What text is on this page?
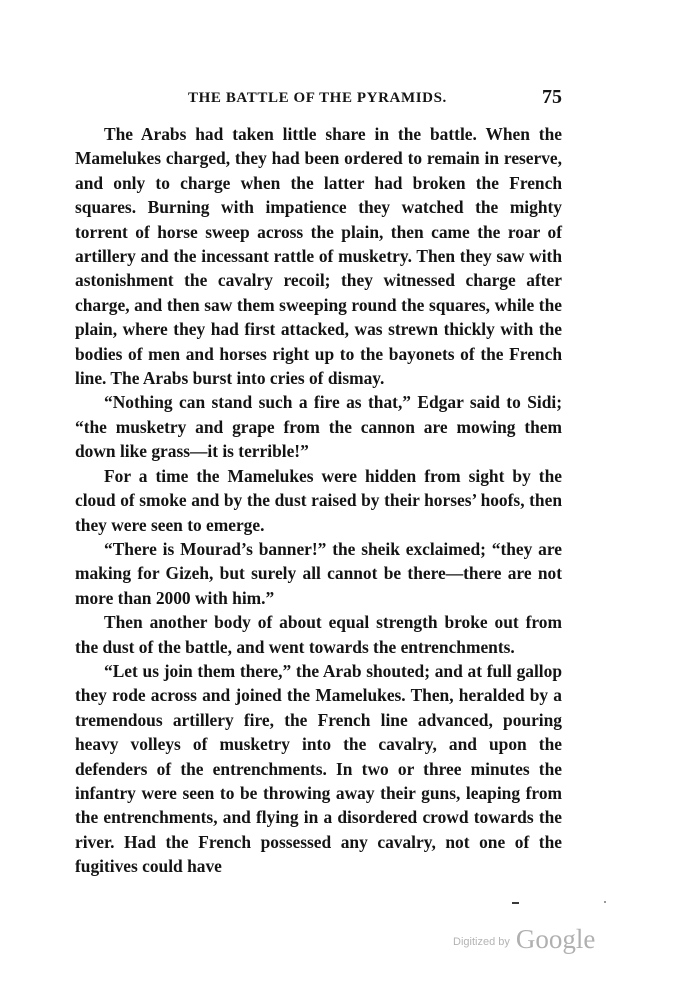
THE BATTLE OF THE PYRAMIDS.	75

The Arabs had taken little share in the battle. When the Mamelukes charged, they had been ordered to remain in reserve, and only to charge when the latter had broken the French squares. Burning with impatience they watched the mighty torrent of horse sweep across the plain, then came the roar of artillery and the incessant rattle of musketry. Then they saw with astonishment the cavalry recoil; they witnessed charge after charge, and then saw them sweeping round the squares, while the plain, where they had first attacked, was strewn thickly with the bodies of men and horses right up to the bayonets of the French line. The Arabs burst into cries of dismay.

“Nothing can stand such a fire as that,” Edgar said to Sidi; “the musketry and grape from the cannon are mowing them down like grass—it is terrible!”

For a time the Mamelukes were hidden from sight by the cloud of smoke and by the dust raised by their horses’ hoofs, then they were seen to emerge.

“There is Mourad’s banner!” the sheik exclaimed; “they are making for Gizeh, but surely all cannot be there—there are not more than 2000 with him.”

Then another body of about equal strength broke out from the dust of the battle, and went towards the entrenchments.

“Let us join them there,” the Arab shouted; and at full gallop they rode across and joined the Mamelukes. Then, heralded by a tremendous artillery fire, the French line advanced, pouring heavy volleys of musketry into the cavalry, and upon the defenders of the entrenchments. In two or three minutes the infantry were seen to be throwing away their guns, leaping from the entrenchments, and flying in a disordered crowd towards the river. Had the French possessed any cavalry, not one of the fugitives could have

Digitized by Google
